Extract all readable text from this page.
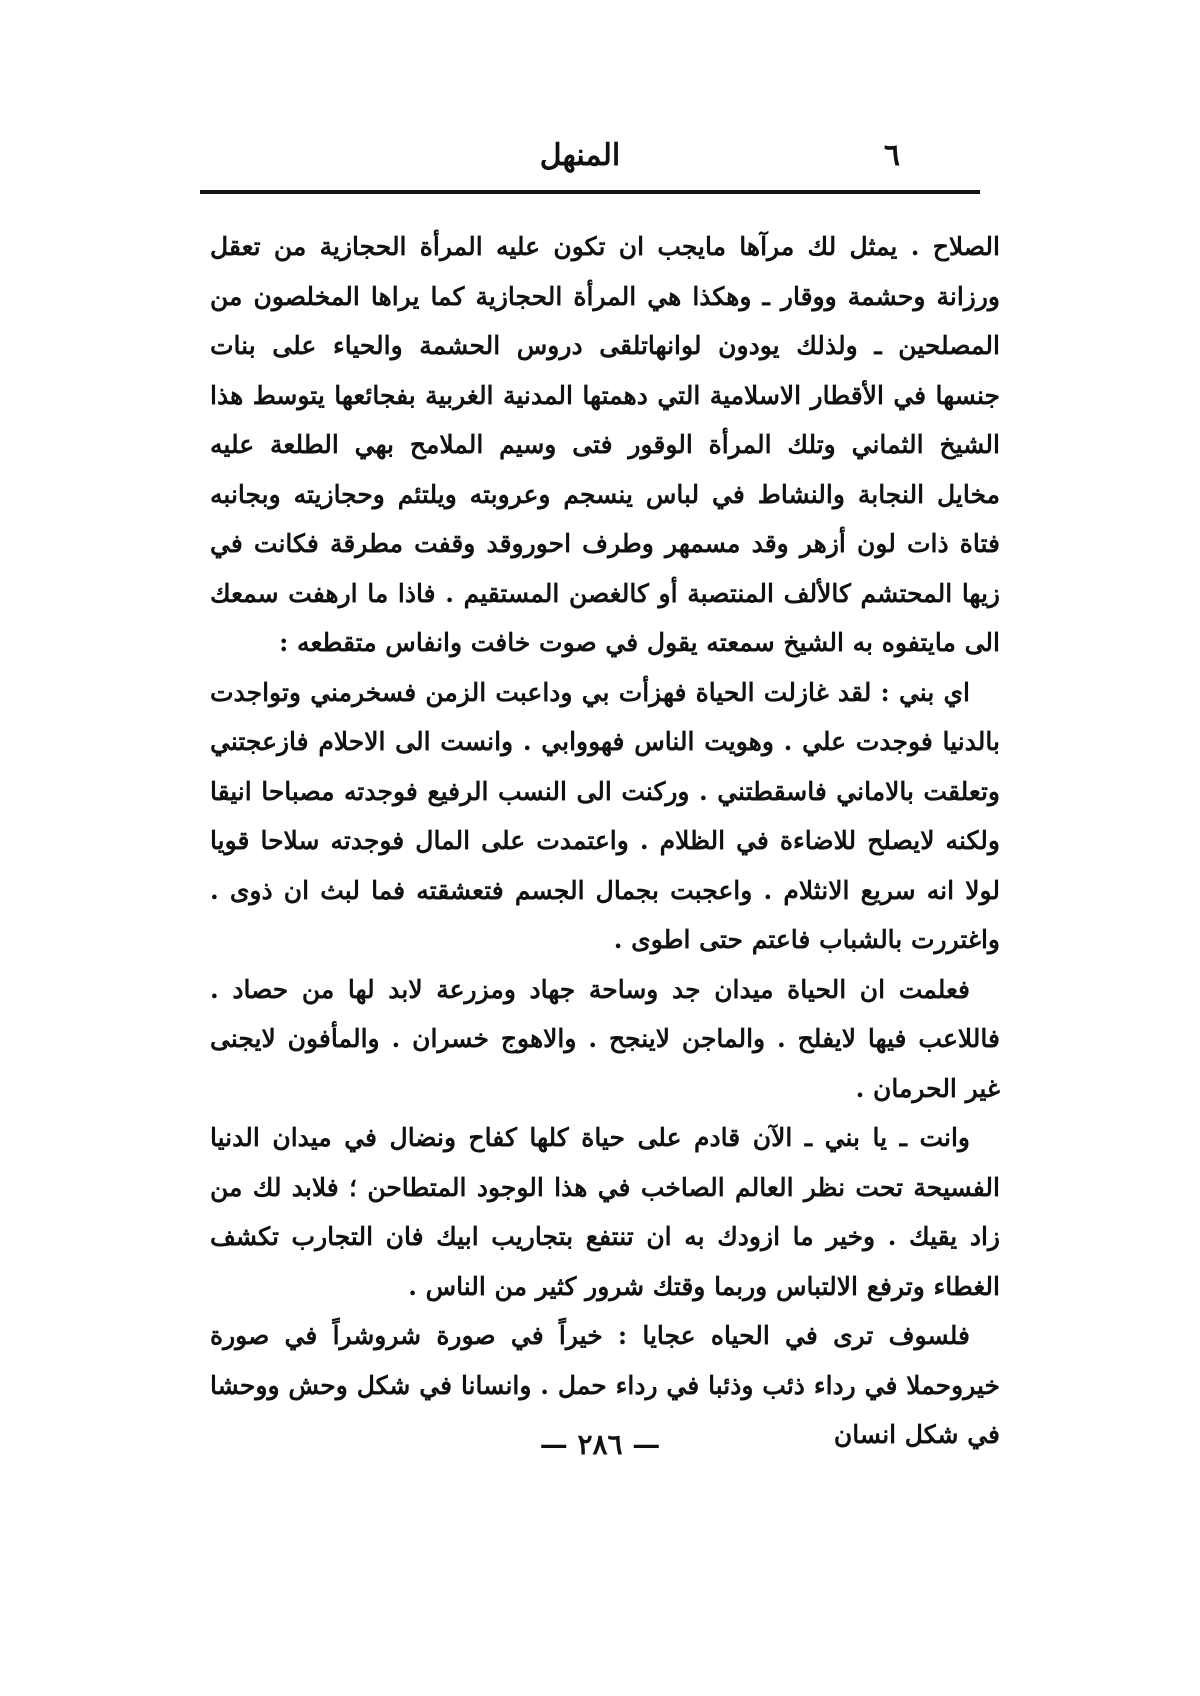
٦
المنهل

الصلاح . يمثل لك مرآها مايجب ان تكون عليه المرأة الحجازية من تعقل ورزانة وحشمة ووقار ـ وهكذا هي المرأة الحجازية كما يراها المخلصون من المصلحين ـ ولذلك يودون لوانهاتلقى دروس الحشمة والحياء على بنات جنسها في الأقطار الاسلامية التي دهمتها المدنية الغربية بفجائعها يتوسط هذا الشيخ الثماني وتلك المرأة الوقور فتى وسيم الملامح بهي الطلعة عليه مخايل النجابة والنشاط في لباس ينسجم وعروبته ويلتئم وحجازيته وبجانبه فتاة ذات لون أزهر وقد مسمهر وطرف احوروقد وقفت مطرقة فكانت في زيها المحتشم كالألف المنتصبة أو كالغصن المستقيم . فاذا ما ارهفت سمعك الى مايتفوه به الشيخ سمعته يقول في صوت خافت وانفاس متقطعه :

اي بني : لقد غازلت الحياة فهزأت بي وداعبت الزمن فسخرمني وتواجدت بالدنيا فوجدت علي . وهويت الناس فهووابي . وانست الى الاحلام فازعجتني وتعلقت بالاماني فاسقطتني . وركنت الى النسب الرفيع فوجدته مصباحا انيقا ولكنه لايصلح للاضاءة في الظلام . واعتمدت على المال فوجدته سلاحا قويا لولا انه سريع الانثلام . واعجبت بجمال الجسم فتعشقته فما لبث ان ذوى . واغتررت بالشباب فاعتم حتى اطوى .

فعلمت ان الحياة ميدان جد وساحة جهاد ومزرعة لابد لها من حصاد . فاللاعب فيها لايفلح . والماجن لاينجح . والاهوج خسران . والمأفون لايجنى غير الحرمان .

وانت ـ يا بني ـ الآن قادم على حياة كلها كفاح ونضال في ميدان الدنيا الفسيحة تحت نظر العالم الصاخب في هذا الوجود المتطاحن ؛ فلابد لك من زاد يقيك . وخير ما ازودك به ان تنتفع بتجاريب ابيك فان التجارب تكشف الغطاء وترفع الالتباس وربما وقتك شرور كثير من الناس .

فلسوف ترى في الحياه عجايا : خيراً في صورة شروشراً في صورة خيروحملا في رداء ذئب وذئبا في رداء حمل . وانسانا في شكل وحش ووحشا في شكل انسان

— ٢٨٦ —
